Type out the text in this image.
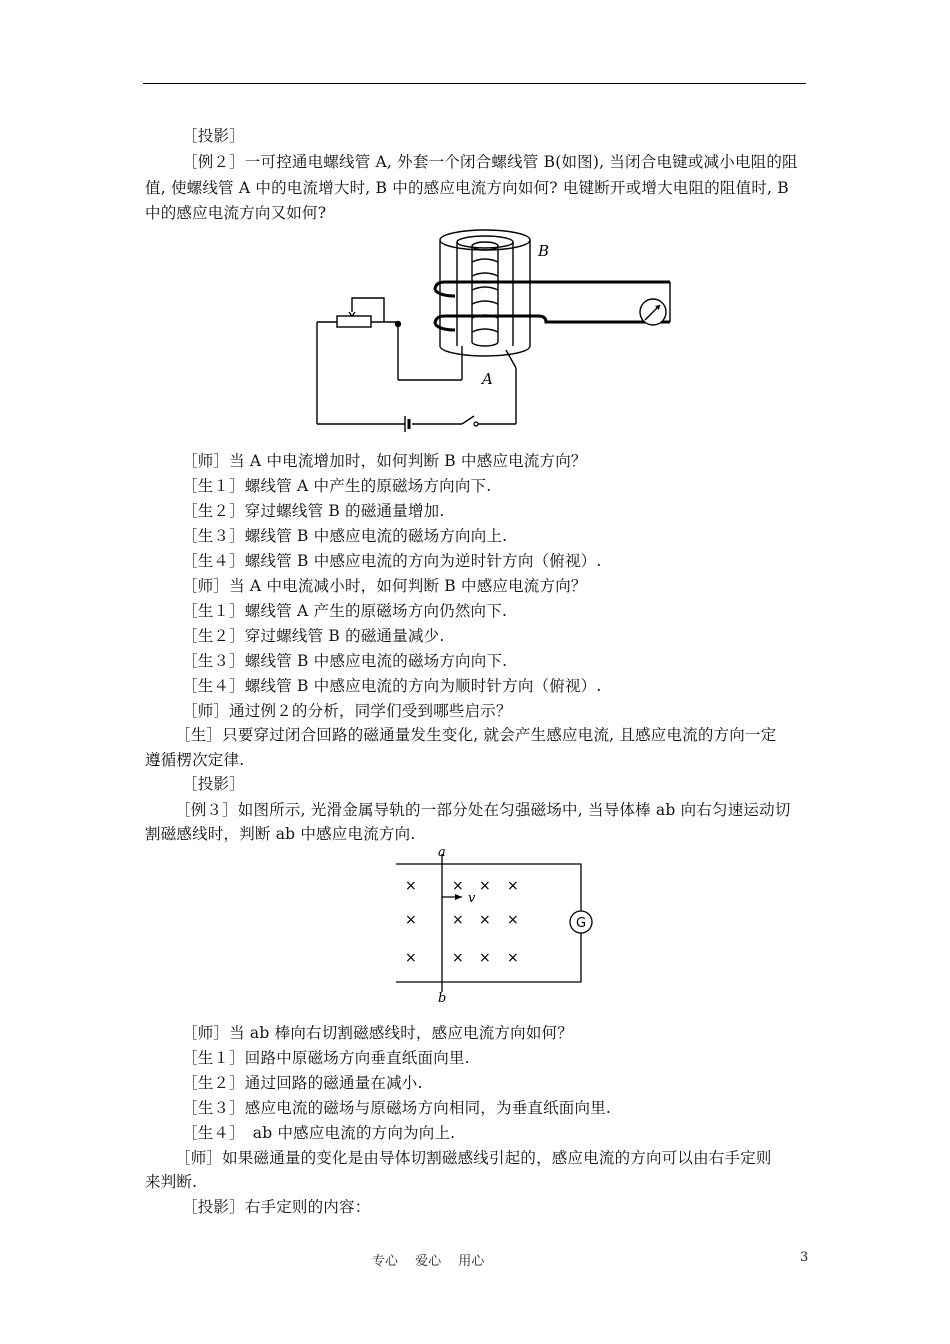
［投影］
［例２］一可控通电螺线管 A, 外套一个闭合螺线管 B(如图), 当闭合电键或减小电阻的阻
值, 使螺线管 A 中的电流增大时, B 中的感应电流方向如何? 电键断开或增大电阻的阻值时, B
中的感应电流方向又如何?
B
A
［师］当 A 中电流增加时，如何判断 B 中感应电流方向？
［生１］螺线管 A 中产生的原磁场方向向下.
［生２］穿过螺线管 B 的磁通量增加.
［生３］螺线管 B 中感应电流的磁场方向向上.
［生４］螺线管 B 中感应电流的方向为逆时针方向（俯视）.
［师］当 A 中电流减小时，如何判断 B 中感应电流方向？
［生１］螺线管 A 产生的原磁场方向仍然向下.
［生２］穿过螺线管 B 的磁通量减少.
［生３］螺线管 B 中感应电流的磁场方向向下.
［生４］螺线管 B 中感应电流的方向为顺时针方向（俯视）.
［师］通过例２的分析，同学们受到哪些启示？
［生］只要穿过闭合回路的磁通量发生变化, 就会产生感应电流, 且感应电流的方向一定
遵循楞次定律.
［投影］
［例３］如图所示, 光滑金属导轨的一部分处在匀强磁场中, 当导体棒 ab 向右匀速运动切
割磁感线时，判断 ab 中感应电流方向.
G
v
a
b
×
×
×
× × ×
× × ×
× × ×
［师］当 ab 棒向右切割磁感线时，感应电流方向如何？
［生１］回路中原磁场方向垂直纸面向里.
［生２］通过回路的磁通量在减小.
［生３］感应电流的磁场与原磁场方向相同，为垂直纸面向里.
［生４］　ab 中感应电流的方向为向上.
［师］如果磁通量的变化是由导体切割磁感线引起的，感应电流的方向可以由右手定则
来判断.
［投影］右手定则的内容：
专心　 爱心　 用心	3
